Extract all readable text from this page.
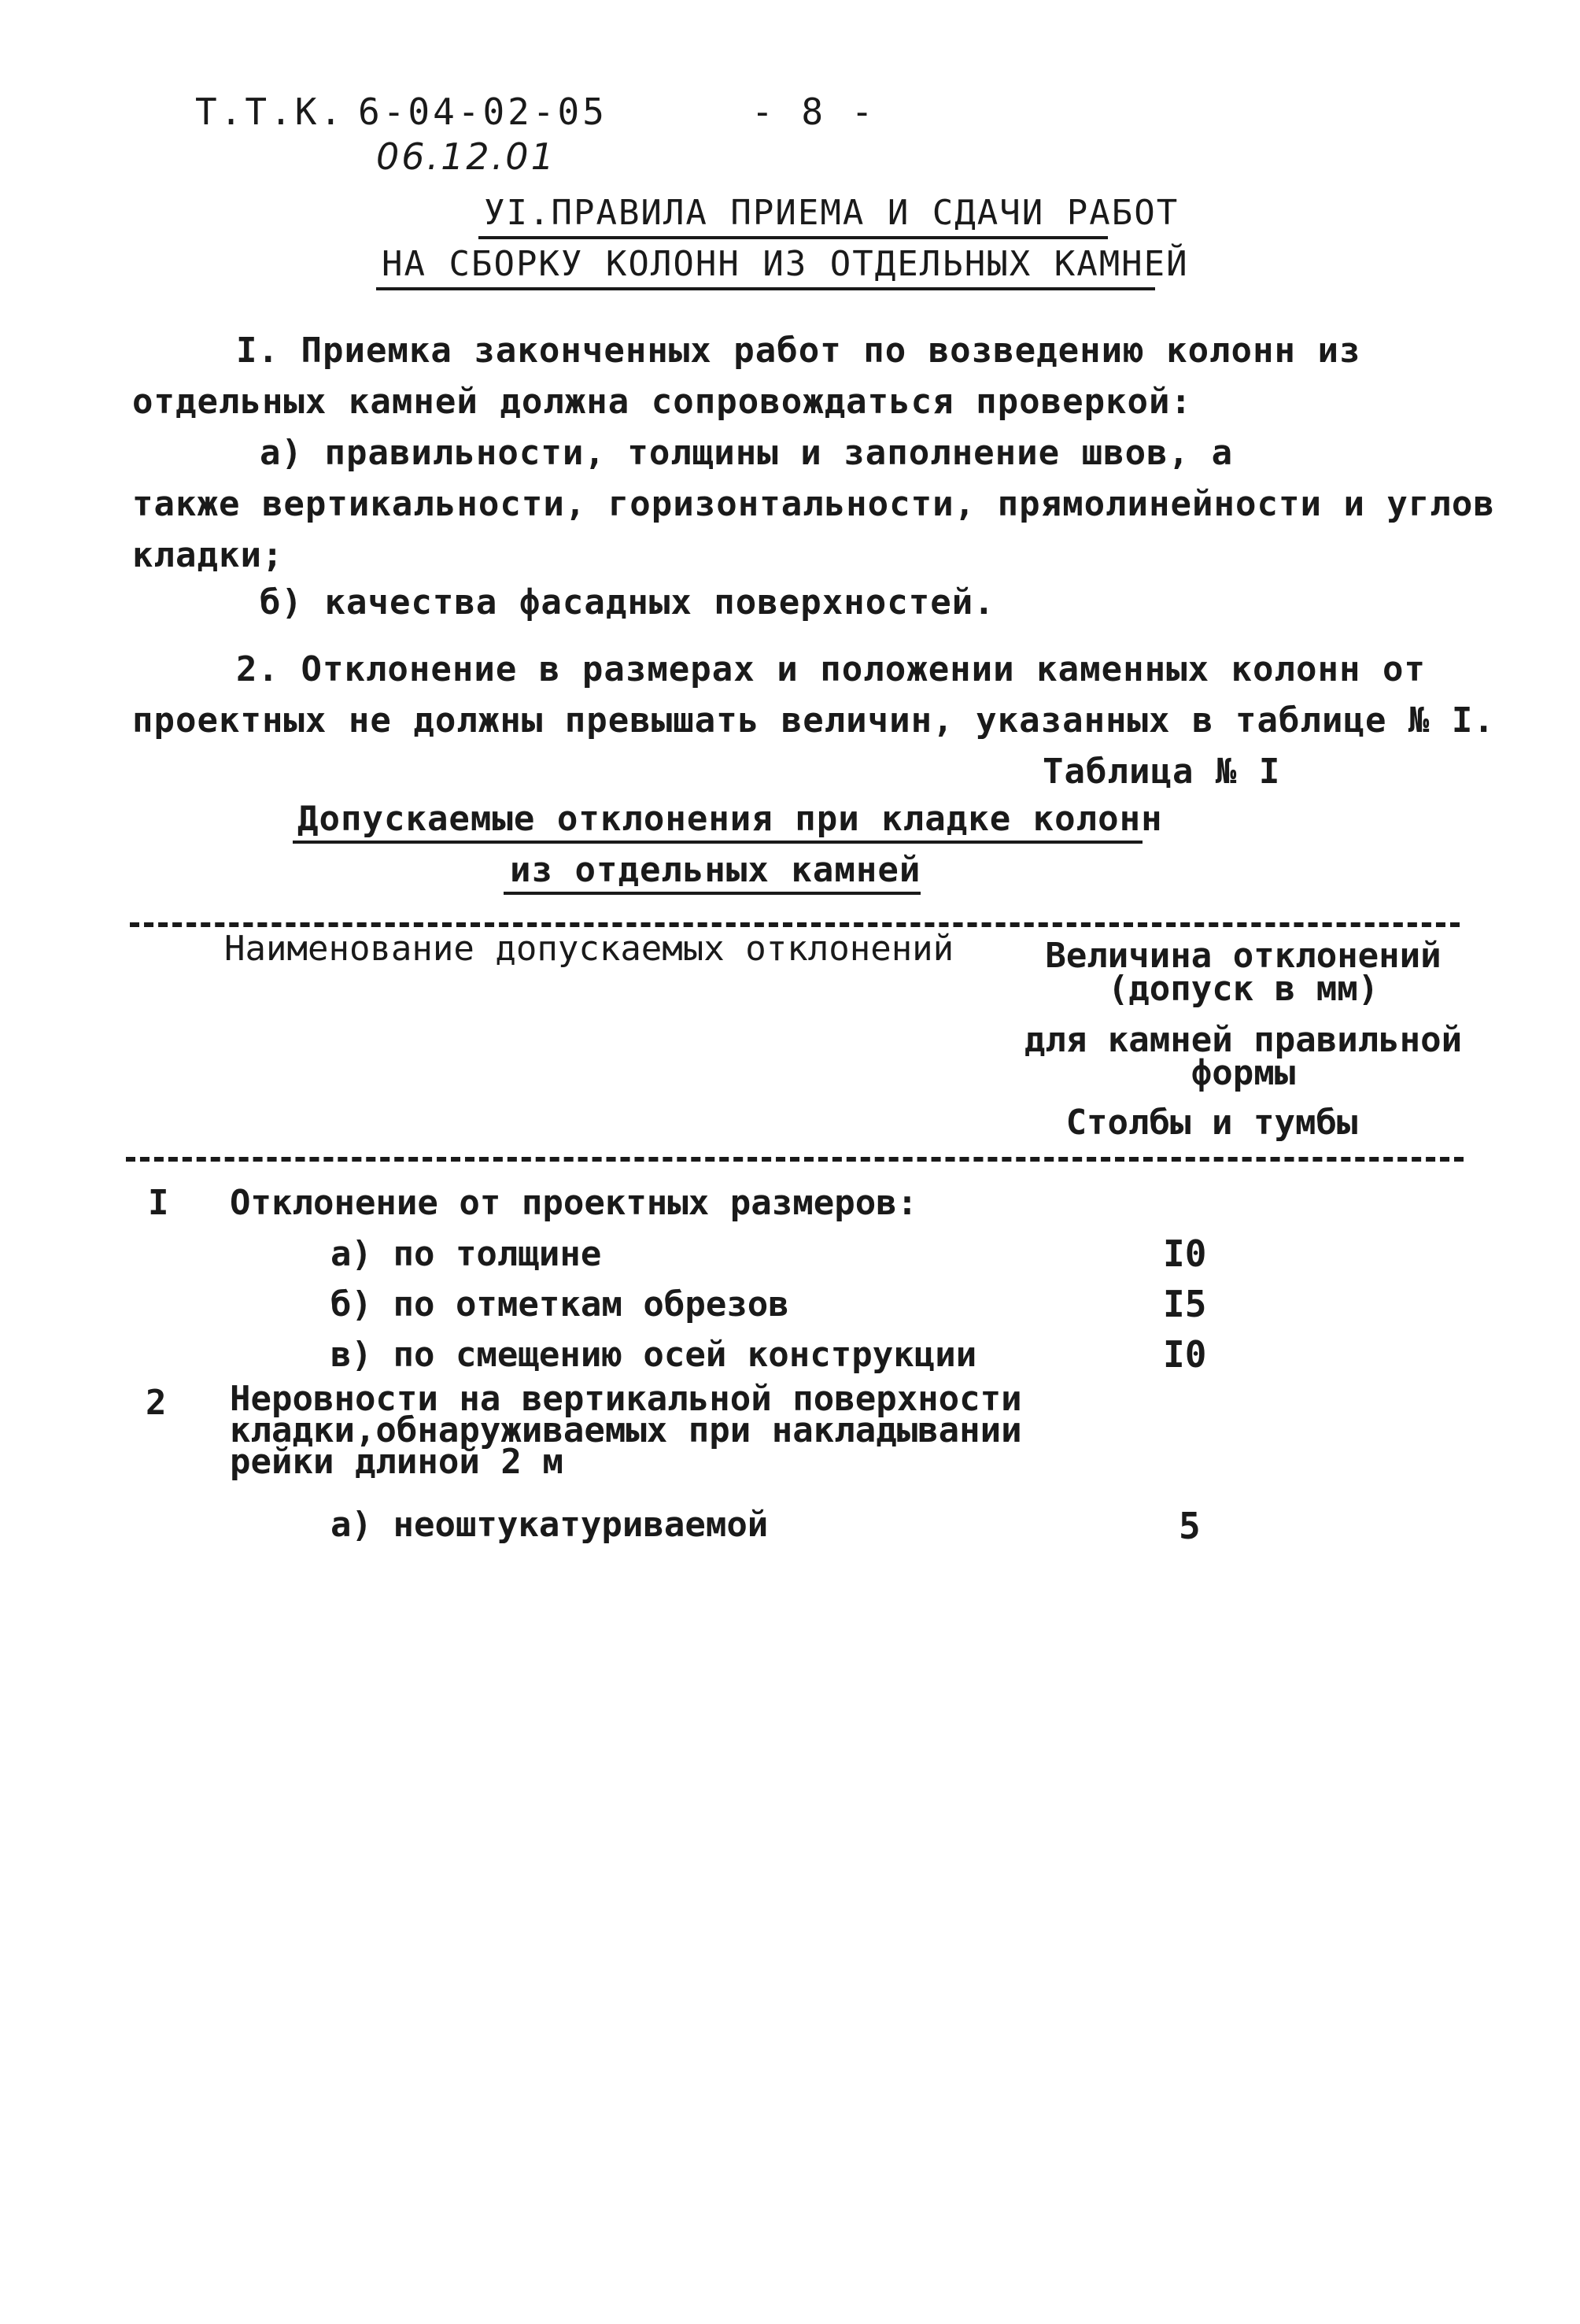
Т.Т.К. 6-04-02-05	- 8 -
06.12.01
УI.ПРАВИЛА ПРИЕМА И СДАЧИ РАБОТ
НА СБОРКУ КОЛОНН ИЗ ОТДЕЛЬНЫХ КАМНЕЙ
I. Приемка законченных работ по возведению колонн из
отдельных камней должна сопровождаться проверкой:
а) правильности, толщины и заполнение швов, а
также вертикальности, горизонтальности, прямолинейности и углов
кладки;
б) качества фасадных поверхностей.
2. Отклонение в размерах и положении каменных колонн от
проектных не должны превышать величин, указанных в таблице № I.
Таблица № I
Допускаемые отклонения при кладке колонн
из отдельных камней
Наименование допускаемых отклонений	Величина отклонений
(допуск в мм)
для камней правильной
формы
Столбы и тумбы
I Отклонение от проектных размеров:
а) по толщине	I0
б) по отметкам обрезов	I5
в) по смещению осей конструкции	I0
2 Неровности на вертикальной поверхности
кладки,обнаруживаемых при накладывании
рейки длиной 2 м
а) неоштукатуриваемой	5
